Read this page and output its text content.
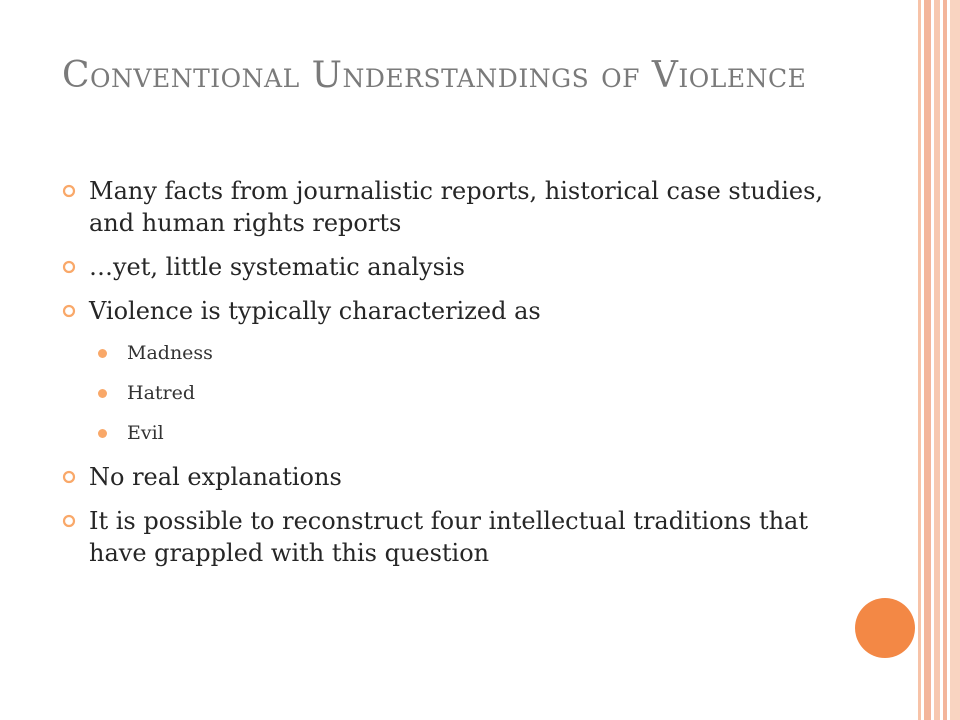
Conventional Understandings of Violence
Many facts from journalistic reports, historical case studies, and human rights reports
…yet, little systematic analysis
Violence is typically characterized as
Madness
Hatred
Evil
No real explanations
It is possible to reconstruct four intellectual traditions that have grappled with this question
